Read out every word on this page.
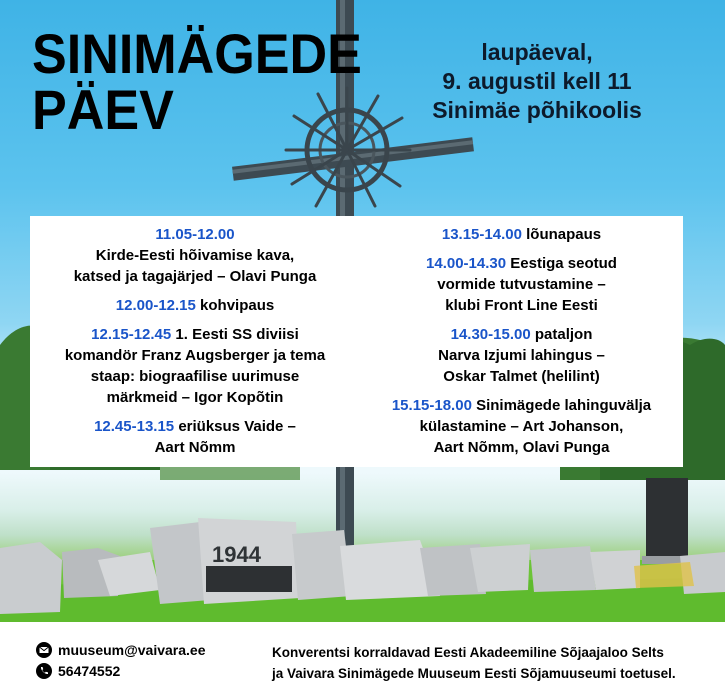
1944
SINIMÄGEDE
PÄEV
laupäeval,
9. augustil kell 11
Sinimäe põhikoolis
11.05-12.00
Kirde-Eesti hõivamise kava,
katsed ja tagajärjed – Olavi Punga
12.00-12.15 kohvipaus
12.15-12.45 1. Eesti SS diviisi
komandör Franz Augsberger ja tema
staap: biograafilise uurimuse
märkmeid – Igor Kopõtin
12.45-13.15 eriüksus Vaide –
Aart Nõmm
13.15-14.00 lõunapaus
14.00-14.30 Eestiga seotud
vormide tutvustamine –
klubi Front Line Eesti
14.30-15.00 pataljon
Narva Izjumi lahingus –
Oskar Talmet (helilint)
15.15-18.00 Sinimägede lahinguvälja
külastamine – Art Johanson,
Aart Nõmm, Olavi Punga
muuseum@vaivara.ee
56474552
Konverentsi korraldavad Eesti Akadeemiline Sõjaajaloo Selts
ja Vaivara Sinimägede Muuseum Eesti Sõjamuuseumi toetusel.
